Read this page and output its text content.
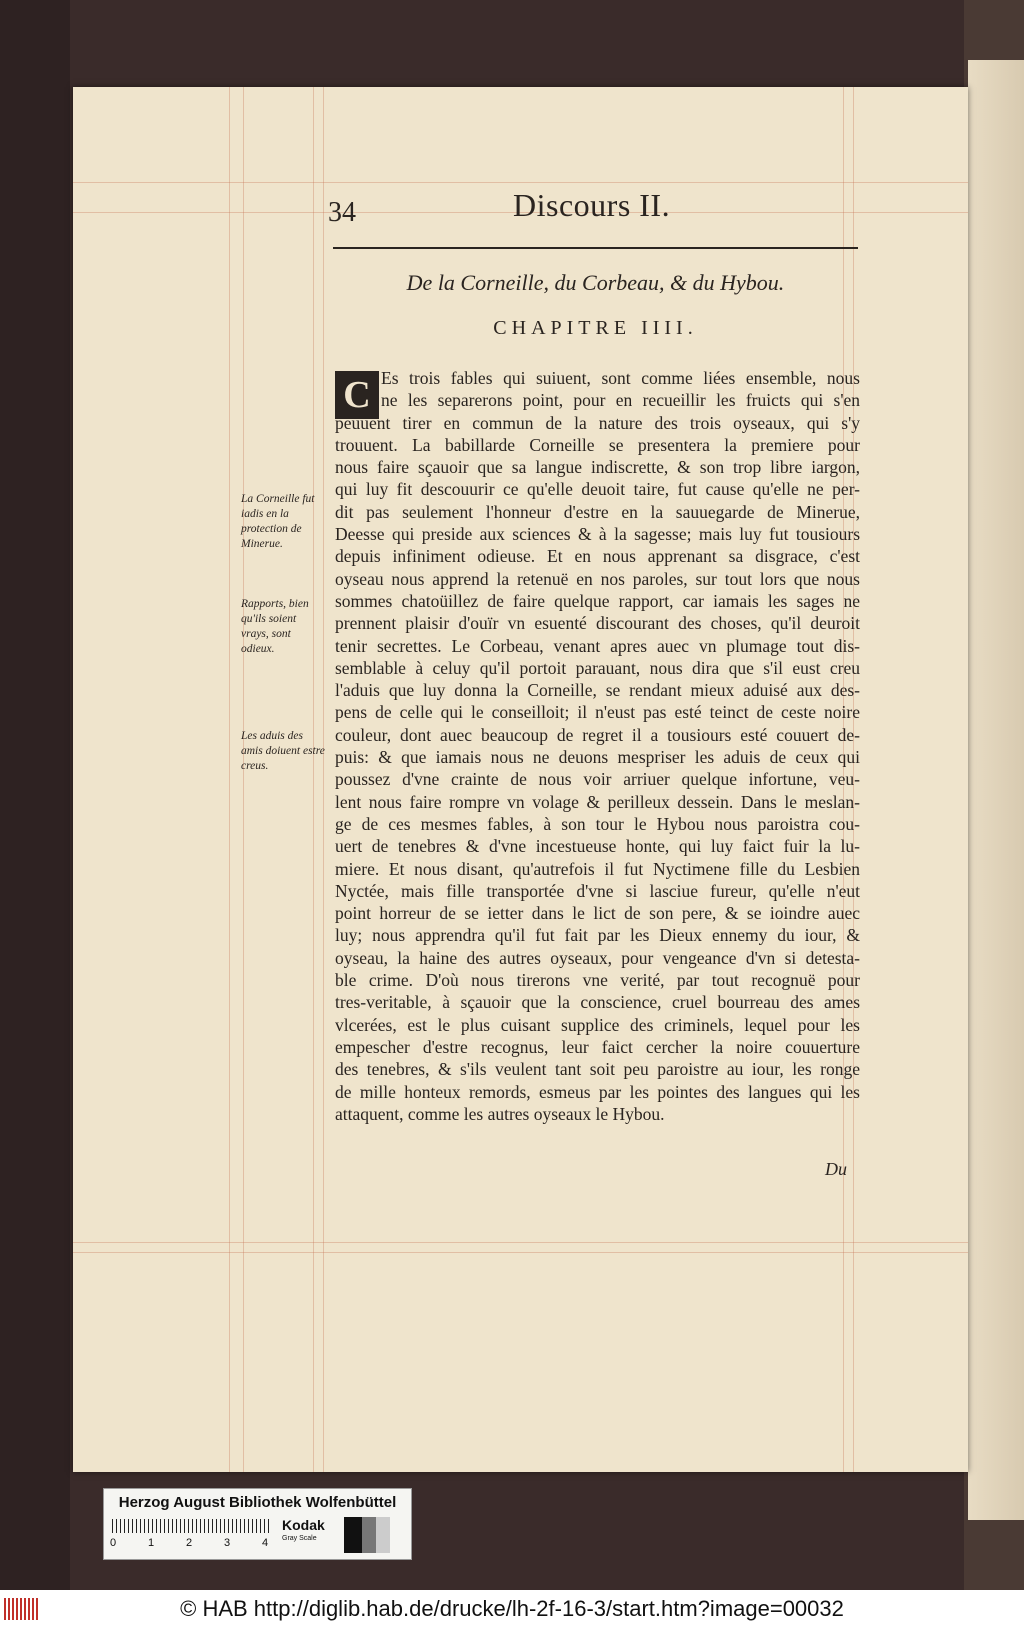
34	Discours II.
De la Corneille, du Corbeau, & du Hybou.
CHAPITRE IIII.
C Es trois fables qui suiuent, sont comme liées ensemble, nous
ne les separerons point, pour en recueillir les fruicts qui s'en
peuuent tirer en commun de la nature des trois oyseaux, qui s'y
trouuent. La babillarde Corneille se presentera la premiere pour
nous faire sçauoir que sa langue indiscrette, & son trop libre iargon,
qui luy fit descouurir ce qu'elle deuoit taire, fut cause qu'elle ne per-
dit pas seulement l'honneur d'estre en la sauuegarde de Minerue,
Deesse qui preside aux sciences & à la sagesse; mais luy fut tousiours
depuis infiniment odieuse. Et en nous apprenant sa disgrace, c'est
oyseau nous apprend la retenuë en nos paroles, sur tout lors que nous
sommes chatoüillez de faire quelque rapport, car iamais les sages ne
prennent plaisir d'ouïr vn esuenté discourant des choses, qu'il deuroit
tenir secrettes. Le Corbeau, venant apres auec vn plumage tout dis-
semblable à celuy qu'il portoit parauant, nous dira que s'il eust creu
l'aduis que luy donna la Corneille, se rendant mieux aduisé aux des-
pens de celle qui le conseilloit; il n'eust pas esté teinct de ceste noire
couleur, dont auec beaucoup de regret il a tousiours esté couuert de-
puis: & que iamais nous ne deuons mespriser les aduis de ceux qui
poussez d'vne crainte de nous voir arriuer quelque infortune, veu-
lent nous faire rompre vn volage & perilleux dessein. Dans le meslan-
ge de ces mesmes fables, à son tour le Hybou nous paroistra cou-
uert de tenebres & d'vne incestueuse honte, qui luy faict fuir la lu-
miere. Et nous disant, qu'autrefois il fut Nyctimene fille du Lesbien
Nyctée, mais fille transportée d'vne si lasciue fureur, qu'elle n'eut
point horreur de se ietter dans le lict de son pere, & se ioindre auec
luy; nous apprendra qu'il fut fait par les Dieux ennemy du iour, &
oyseau, la haine des autres oyseaux, pour vengeance d'vn si detesta-
ble crime. D'où nous tirerons vne verité, par tout recognuë pour
tres-veritable, à sçauoir que la conscience, cruel bourreau des ames
vlcerées, est le plus cuisant supplice des criminels, lequel pour les
empescher d'estre recognus, leur faict cercher la noire couuerture
des tenebres, & s'ils veulent tant soit peu paroistre au iour, les ronge
de mille honteux remords, esmeus par les pointes des langues qui les
attaquent, comme les autres oyseaux le Hybou.
La Corneille fut iadis en la protection de Minerue.
Rapports, bien qu'ils soient vrays, sont odieux.
Les aduis des amis doiuent estre creus.
Du
Herzog August Bibliothek Wolfenbüttel
0	1	2	3	4
Kodak
Gray Scale
© HAB http://diglib.hab.de/drucke/lh-2f-16-3/start.htm?image=00032
